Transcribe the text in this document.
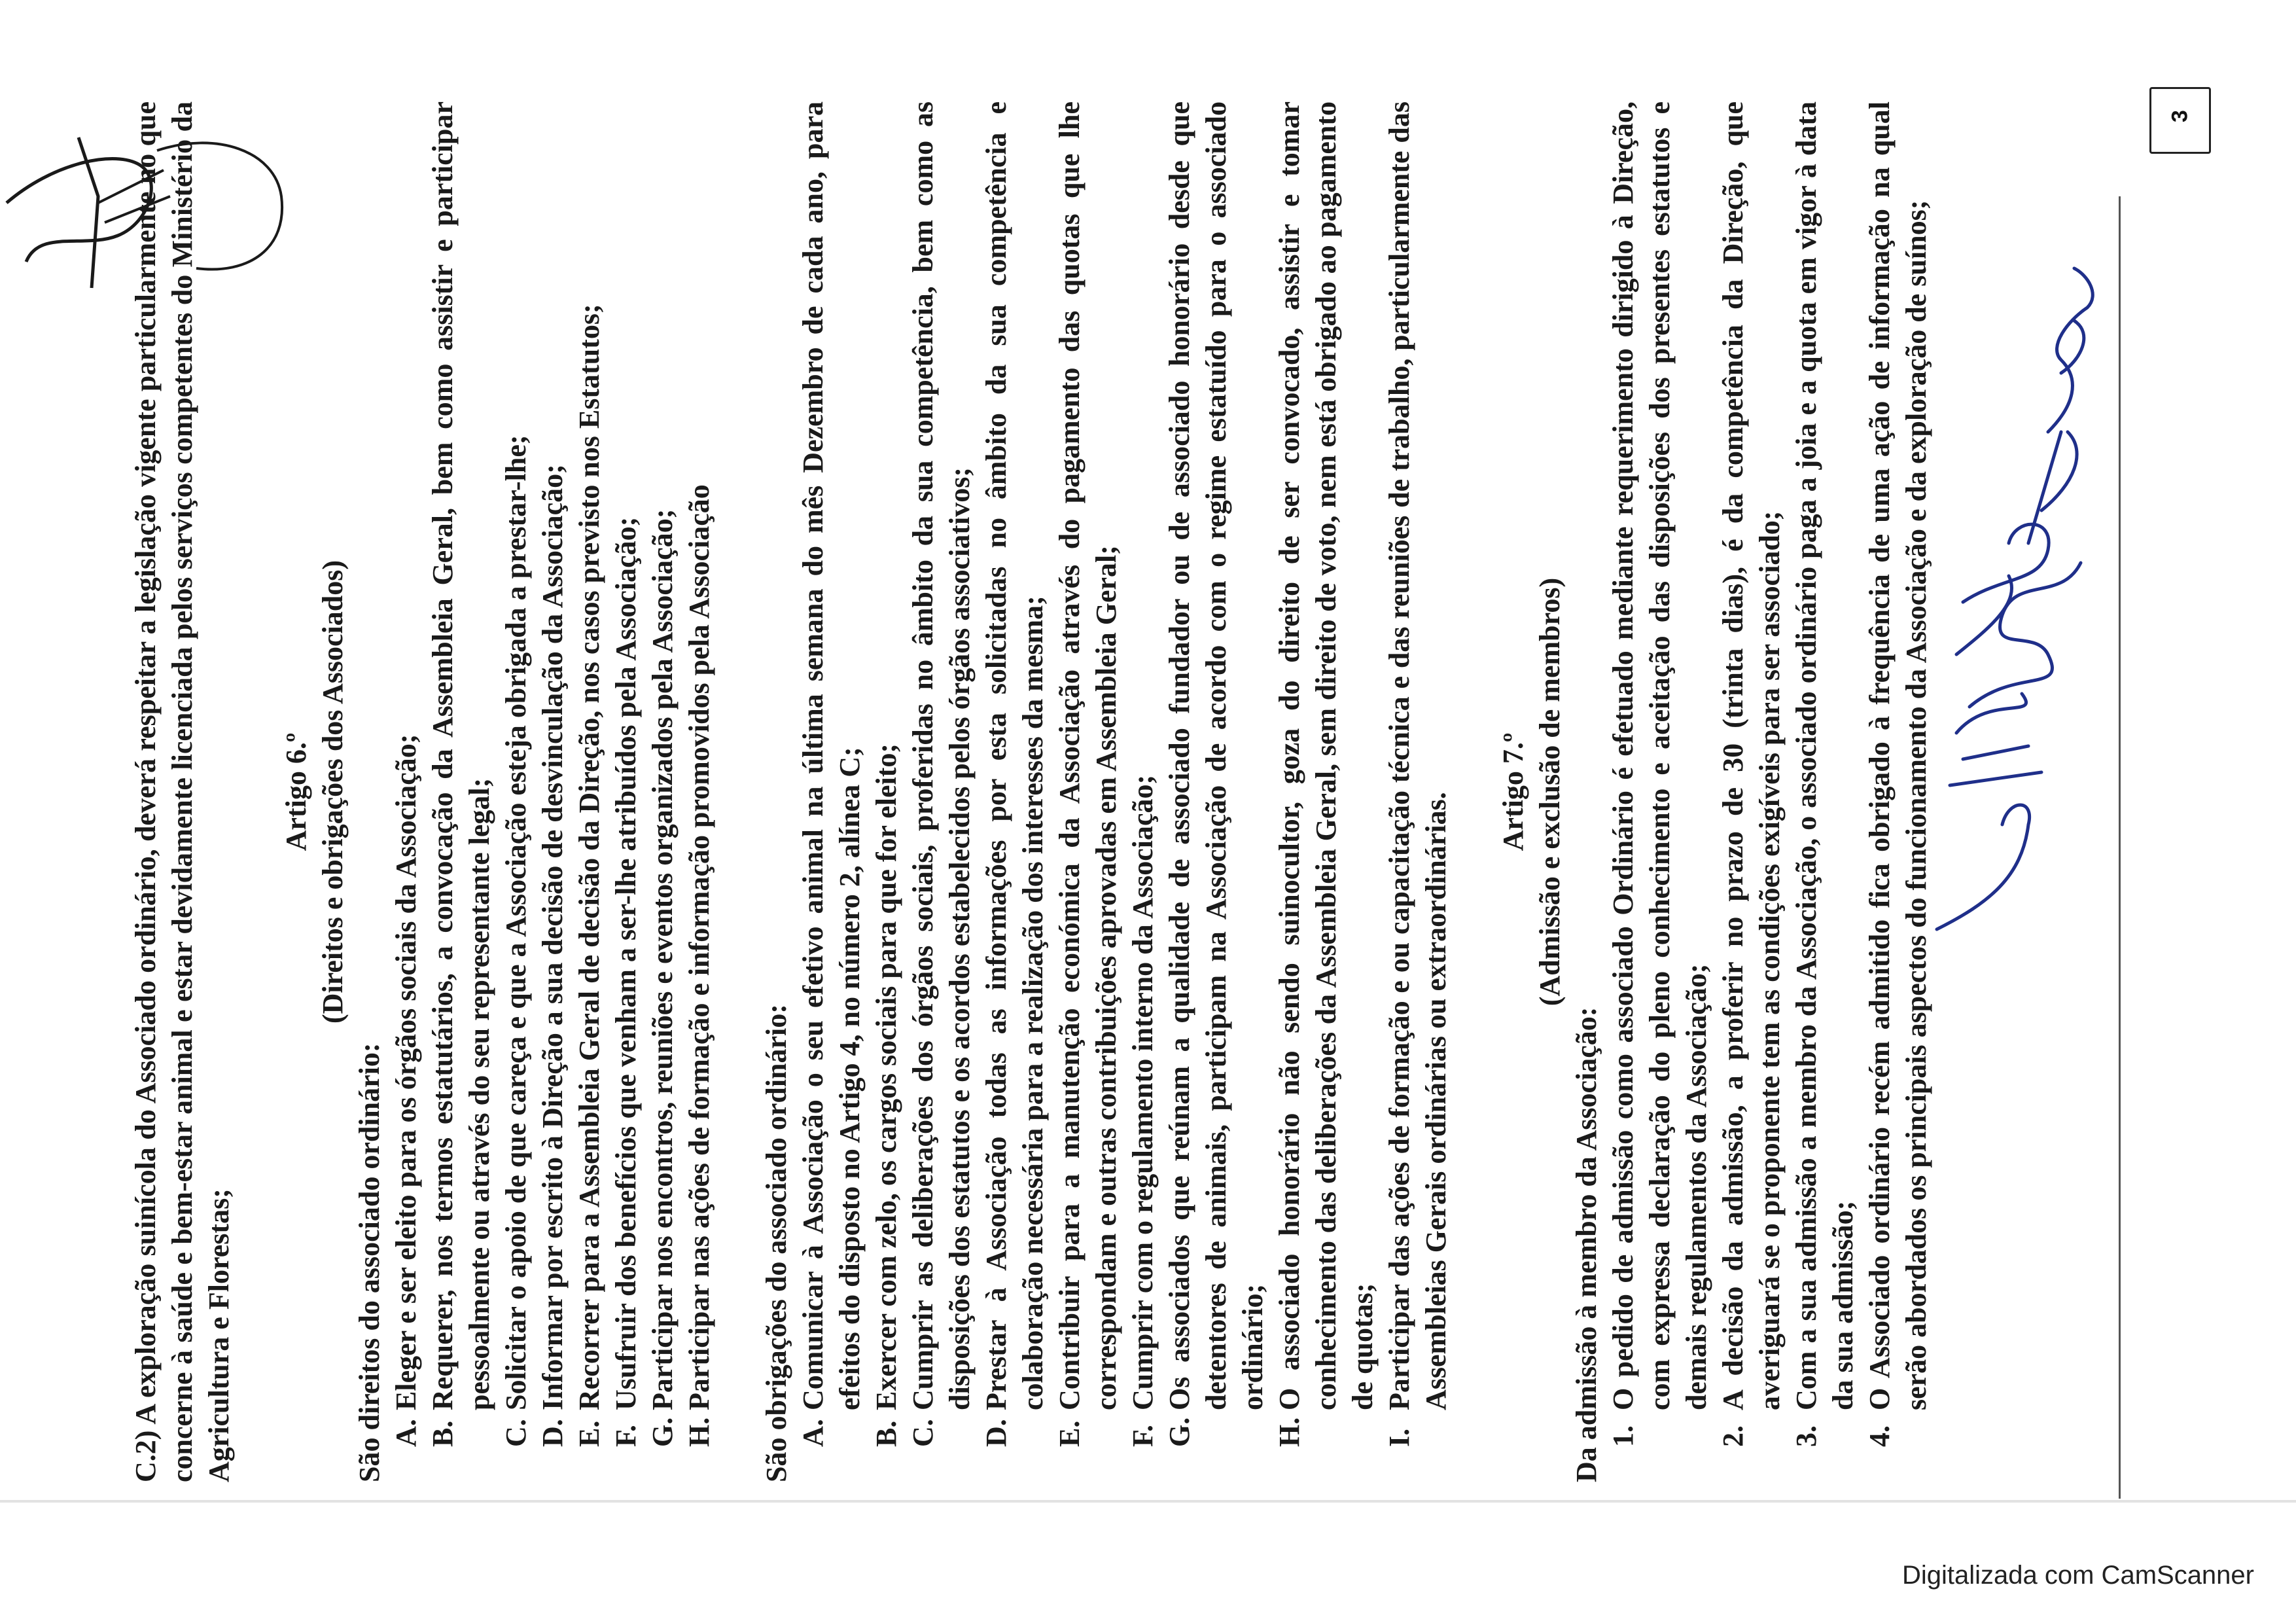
C.2) A exploração suinícola do Associado ordinário, deverá respeitar a legislação vigente particularmente no que concerne à saúde e bem-estar animal e estar devidamente licenciada pelos serviços competentes do Ministério da Agricultura e Florestas;

Artigo 6.º (Direitos e obrigações dos Associados)

São direitos do associado ordinário: A.
Eleger e ser eleito para os órgãos sociais da Associação;
B.
Requerer, nos termos estatutários, a convocação da Assembleia Geral, bem como assistir e participar pessoalmente ou através do seu representante legal;
C.
Solicitar o apoio de que careça e que a Associação esteja obrigada a prestar-lhe;
D.
Informar por escrito à Direção a sua decisão de desvinculação da Associação;
E.
Recorrer para a Assembleia Geral de decisão da Direção, nos casos previsto nos Estatutos;
F.
Usufruir dos benefícios que venham a ser-lhe atribuídos pela Associação;
G.
Participar nos encontros, reuniões e eventos organizados pela Associação;
H.
Participar nas ações de formação e informação promovidos pela Associação São obrigações do associado ordinário: A.
Comunicar à Associação o seu efetivo animal na última semana do mês Dezembro de cada ano, para efeitos do disposto no Artigo 4, no número 2, alínea C;
B.
Exercer com zelo, os cargos sociais para que for eleito;
C.
Cumprir as deliberações dos órgãos sociais, proferidas no âmbito da sua competência, bem como as disposições dos estatutos e os acordos estabelecidos pelos órgãos associativos;
D.
Prestar à Associação todas as informações por esta solicitadas no âmbito da sua competência e colaboração necessária para a realização dos interesses da mesma;
E.
Contribuir para a manutenção económica da Associação através do pagamento das quotas que lhe correspondam e outras contribuições aprovadas em Assembleia Geral;
F.
Cumprir com o regulamento interno da Associação;
G.
Os associados que reúnam a qualidade de associado fundador ou de associado honorário desde que detentores de animais, participam na Associação de acordo com o regime estatuído para o associado ordinário;
H.
O associado honorário não sendo suinocultor, goza do direito de ser convocado, assistir e tomar conhecimento das deliberações da Assembleia Geral, sem direito de voto, nem está obrigado ao pagamento de quotas;
I.
Participar das ações de formação e ou capacitação técnica e das reuniões de trabalho, particularmente das Assembleias Gerais ordinárias ou extraordinárias.

Artigo 7.º (Admissão e exclusão de membros)

Da admissão à membro da Associação: 1.
O pedido de admissão como associado Ordinário é efetuado mediante requerimento dirigido à Direção, com expressa declaração do pleno conhecimento e aceitação das disposições dos presentes estatutos e demais regulamentos da Associação;
2.
A decisão da admissão, a proferir no prazo de 30 (trinta dias), é da competência da Direção, que averiguará se o proponente tem as condições exigíveis para ser associado;
3.
Com a sua admissão a membro da Associação, o associado ordinário paga a joia e a quota em vigor à data da sua admissão;
4.
O Associado ordinário recém admitido fica obrigado à frequência de uma ação de informação na qual serão abordados os principais aspectos do funcionamento da Associação e da exploração de suínos;
3
Digitalizada com CamScanner
